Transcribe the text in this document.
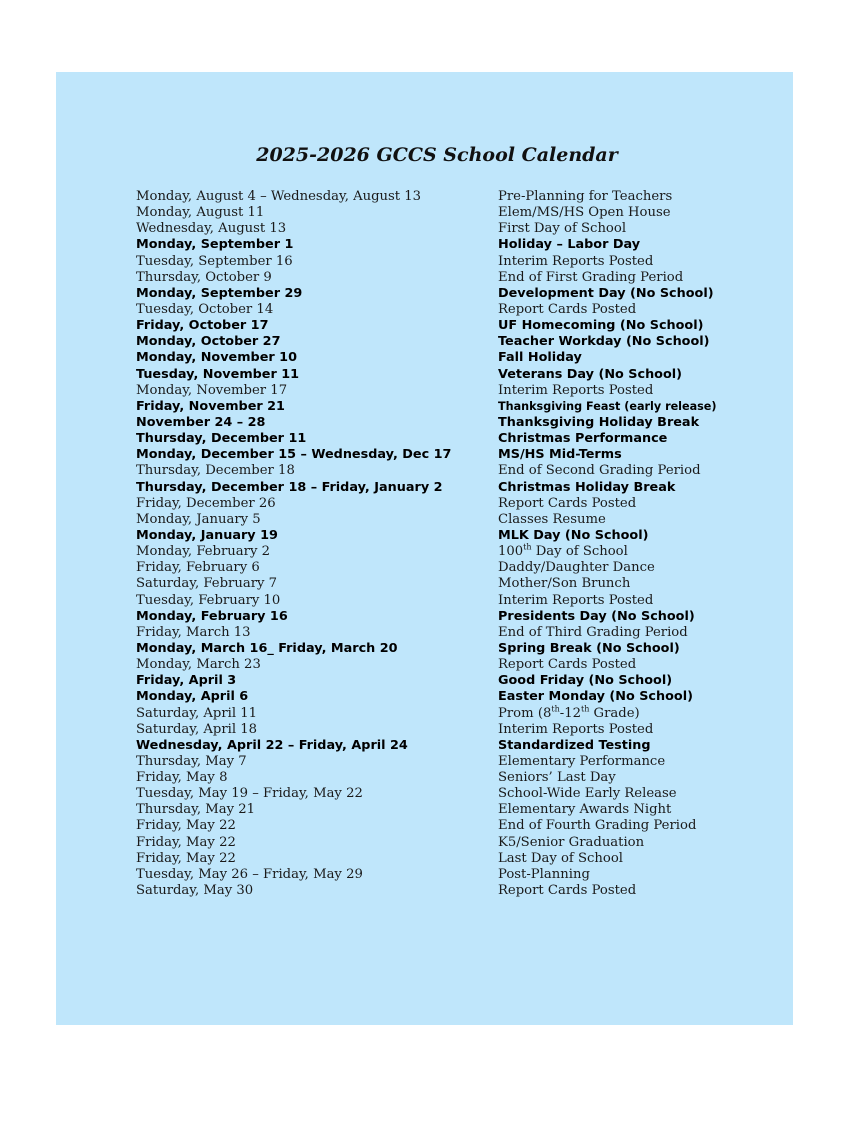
2025-2026 GCCS School Calendar
Monday, August 4 – Wednesday, August 13
Monday, August 11
Wednesday, August 13
Monday, September 1
Tuesday, September 16
Thursday, October 9
Monday, September 29
Tuesday, October 14
Friday, October 17
Monday, October 27
Monday, November 10
Tuesday, November 11
Monday, November 17
Friday, November 21
November 24 – 28
Thursday, December 11
Monday, December 15 – Wednesday, Dec 17
Thursday, December 18
Thursday, December 18 – Friday, January 2
Friday, December 26
Monday, January 5
Monday, January 19
Monday, February 2
Friday, February 6
Saturday, February 7
Tuesday, February 10
Monday, February 16
Friday, March 13
Monday, March 16_ Friday, March 20
Monday, March 23
Friday, April 3
Monday, April 6
Saturday, April 11
Saturday, April 18
Wednesday, April 22 – Friday, April 24
Thursday, May 7
Friday, May 8
Tuesday, May 19 – Friday, May 22
Thursday, May 21
Friday, May 22
Friday, May 22
Friday, May 22
Tuesday, May 26 – Friday, May 29
Saturday, May 30
Pre-Planning for Teachers
Elem/MS/HS Open House
First Day of School
Holiday – Labor Day
Interim Reports Posted
End of First Grading Period
Development Day (No School)
Report Cards Posted
UF Homecoming (No School)
Teacher Workday (No School)
Fall Holiday
Veterans Day (No School)
Interim Reports Posted
Thanksgiving Feast (early release)
Thanksgiving Holiday Break
Christmas Performance
MS/HS Mid-Terms
End of Second Grading Period
Christmas Holiday Break
Report Cards Posted
Classes Resume
MLK Day (No School)
100th Day of School
Daddy/Daughter Dance
Mother/Son Brunch
Interim Reports Posted
Presidents Day (No School)
End of Third Grading Period
Spring Break (No School)
Report Cards Posted
Good Friday (No School)
Easter Monday (No School)
Prom (8th-12th Grade)
Interim Reports Posted
Standardized Testing
Elementary Performance
Seniors’ Last Day
School-Wide Early Release
Elementary Awards Night
End of Fourth Grading Period
K5/Senior Graduation
Last Day of School
Post-Planning
Report Cards Posted
